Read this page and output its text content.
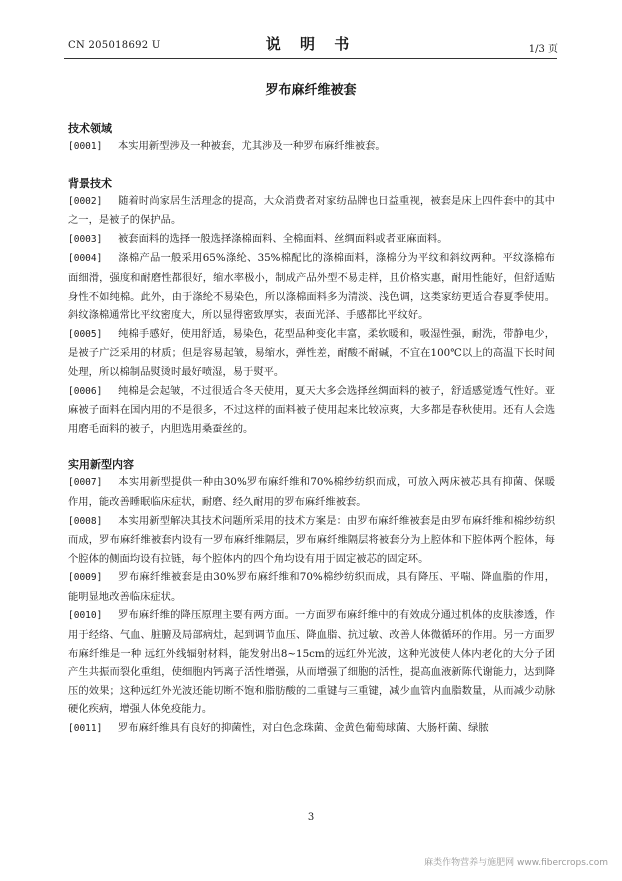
CN 205018692 U	说 明 书	1/3 页
罗布麻纤维被套

技术领域

[0001] 本实用新型涉及一种被套，尤其涉及一种罗布麻纤维被套。

背景技术

[0002] 随着时尚家居生活理念的提高，大众消费者对家纺品牌也日益重视，被套是床上四件套中的其中之一，是被子的保护品。

[0003] 被套面料的选择一般选择涤棉面料、全棉面料、丝绸面料或者亚麻面料。

[0004] 涤棉产品一般采用65%涤纶、35%棉配比的涤棉面料，涤棉分为平纹和斜纹两种。平纹涤棉布面细滑，强度和耐磨性都很好，缩水率极小，制成产品外型不易走样，且价格实惠，耐用性能好，但舒适贴身性不如纯棉。此外，由于涤纶不易染色，所以涤棉面料多为清淡、浅色调，这类家纺更适合春夏季使用。斜纹涤棉通常比平纹密度大，所以显得密致厚实，表面光泽、手感都比平纹好。

[0005] 纯棉手感好，使用舒适，易染色，花型品种变化丰富，柔软暖和，吸湿性强，耐洗，带静电少，是被子广泛采用的材质；但是容易起皱，易缩水，弹性差，耐酸不耐碱，不宜在100℃以上的高温下长时间处理，所以棉制品熨烫时最好喷湿，易于熨平。

[0006] 纯棉是会起皱，不过很适合冬天使用，夏天大多会选择丝绸面料的被子，舒适感觉透气性好。亚麻被子面料在国内用的不是很多，不过这样的面料被子使用起来比较凉爽，大多都是春秋使用。还有人会选用磨毛面料的被子，内胆选用桑蚕丝的。

实用新型内容

[0007] 本实用新型提供一种由30%罗布麻纤维和70%棉纱纺织而成，可放入两床被芯具有抑菌、保暖作用，能改善睡眠临床症状，耐磨、经久耐用的罗布麻纤维被套。

[0008] 本实用新型解决其技术问题所采用的技术方案是：由罗布麻纤维被套是由罗布麻纤维和棉纱纺织而成，罗布麻纤维被套内设有一罗布麻纤维隔层，罗布麻纤维隔层将被套分为上腔体和下腔体两个腔体，每个腔体的侧面均设有拉链，每个腔体内的四个角均设有用于固定被芯的固定环。

[0009] 罗布麻纤维被套是由30%罗布麻纤维和70%棉纱纺织而成，具有降压、平喘、降血脂的作用，能明显地改善临床症状。

[0010] 罗布麻纤维的降压原理主要有两方面。一方面罗布麻纤维中的有效成分通过机体的皮肤渗透，作用于经络、气血、脏腑及局部病灶，起到调节血压、降血脂、抗过敏、改善人体微循环的作用。另一方面罗布麻纤维是一种 远红外线辐射材料，能发射出8~15cm的远红外光波，这种光波使人体内老化的大分子团产生共振而裂化重组，使细胞内钙离子活性增强，从而增强了细胞的活性，提高血液新陈代谢能力，达到降压的效果；这种远红外光波还能切断不饱和脂肪酸的二重键与三重键，减少血管内血脂数量，从而减少动脉硬化疾病，增强人体免疫能力。

[0011] 罗布麻纤维具有良好的抑菌性，对白色念珠菌、金黄色葡萄球菌、大肠杆菌、绿脓

3
麻类作物营养与施肥网 www.fibercrops.com
